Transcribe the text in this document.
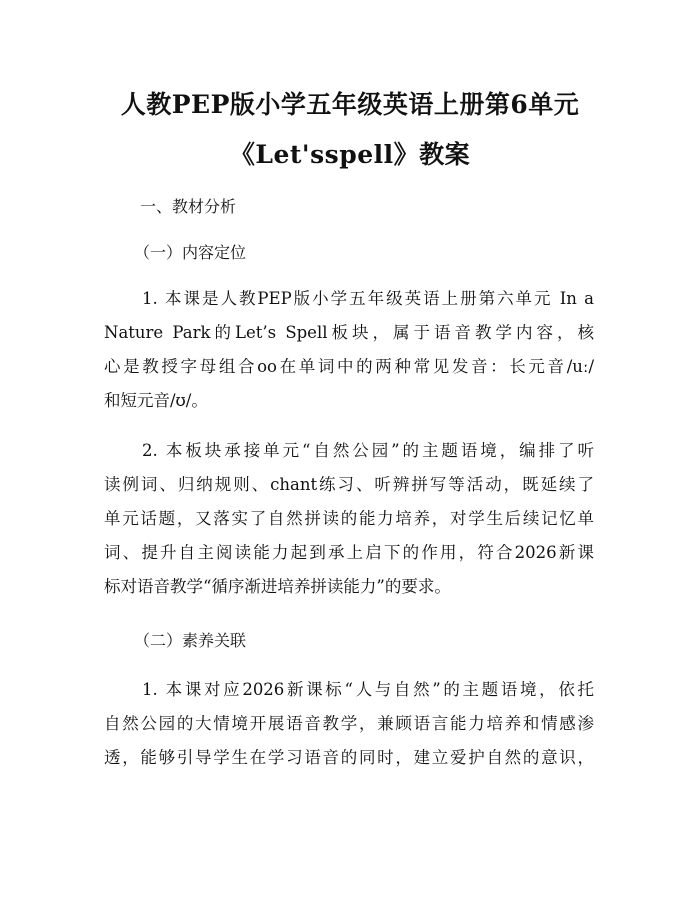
人教PEP版小学五年级英语上册第6单元
《Let'sspell》教案
一、教材分析
（一）内容定位
1. 本课是人教PEP版小学五年级英语上册第六单元 In a
Nature Park的Let’s Spell板块，属于语音教学内容，核
心是教授字母组合oo在单词中的两种常见发音：长元音/uː/
和短元音/ʊ/。
2. 本板块承接单元“自然公园”的主题语境，编排了听
读例词、归纳规则、chant练习、听辨拼写等活动，既延续了
单元话题，又落实了自然拼读的能力培养，对学生后续记忆单
词、提升自主阅读能力起到承上启下的作用，符合2026新课
标对语音教学“循序渐进培养拼读能力”的要求。
（二）素养关联
1. 本课对应2026新课标“人与自然”的主题语境，依托
自然公园的大情境开展语音教学，兼顾语言能力培养和情感渗
透，能够引导学生在学习语音的同时，建立爱护自然的意识，
